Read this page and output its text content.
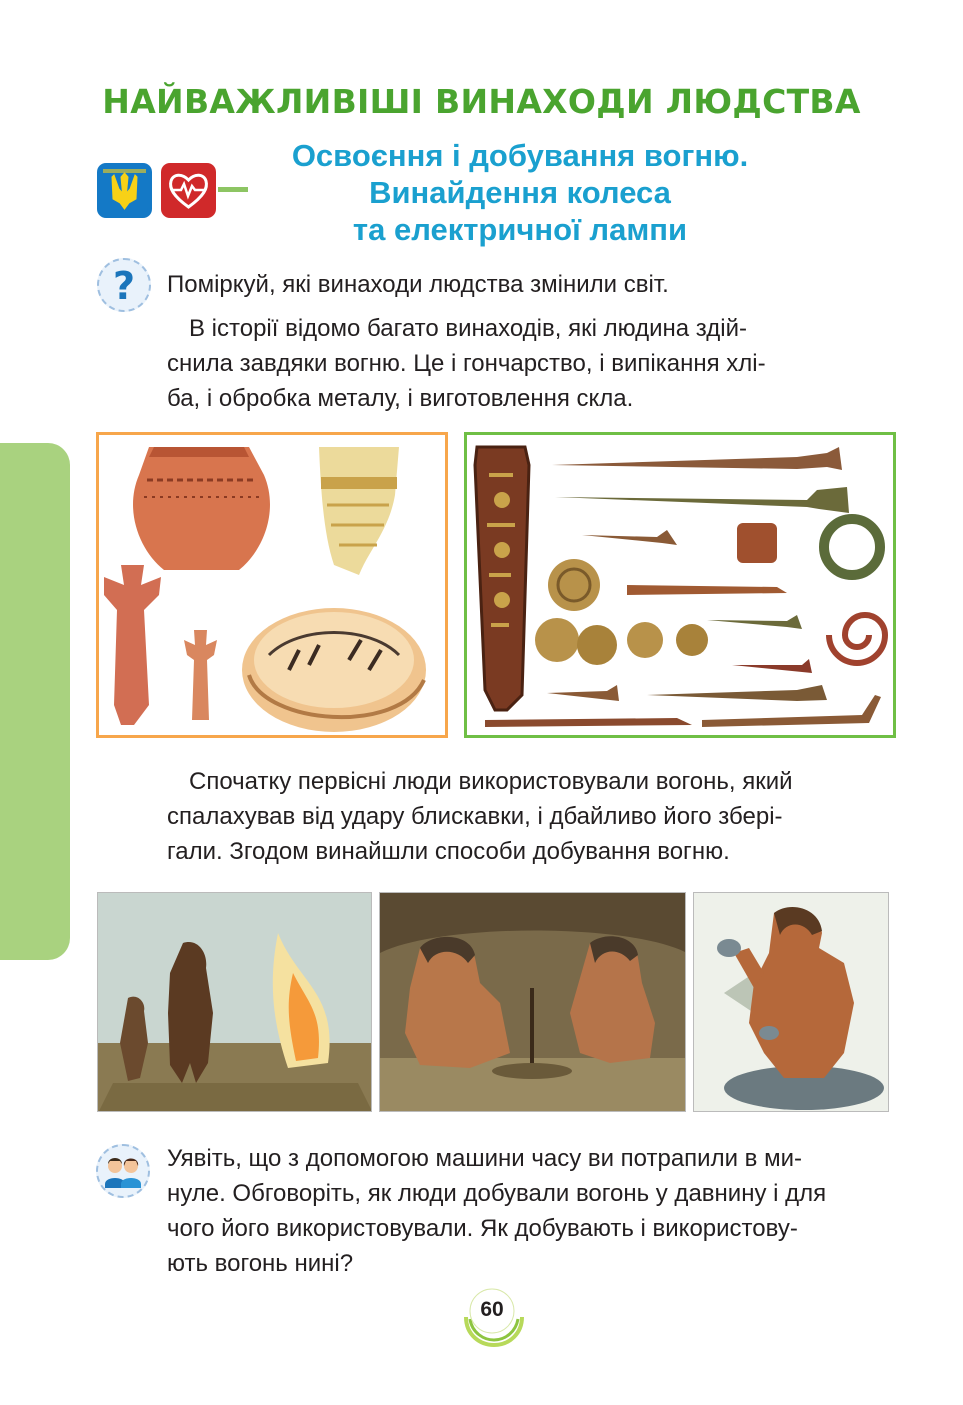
НАЙВАЖЛИВІШІ ВИНАХОДИ ЛЮДСТВА
Освоєння і добування вогню.
Винайдення колеса
та електричної лампи
? Поміркуй, які винаходи людства змінили світ.
В історії відомо багато винаходів, які людина здій-
снила завдяки вогню. Це і гончарство, і випікання хлі-
ба, і обробка металу, і виготовлення скла.
Спочатку первісні люди використовували вогонь, який
спалахував від удару блискавки, і дбайливо його збері-
гали. Згодом винайшли способи добування вогню.
Уявіть, що з допомогою машини часу ви потрапили в ми-
нуле. Обговоріть, як люди добували вогонь у давнину і для
чого його використовували. Як добувають і використову-
ють вогонь нині?
60
